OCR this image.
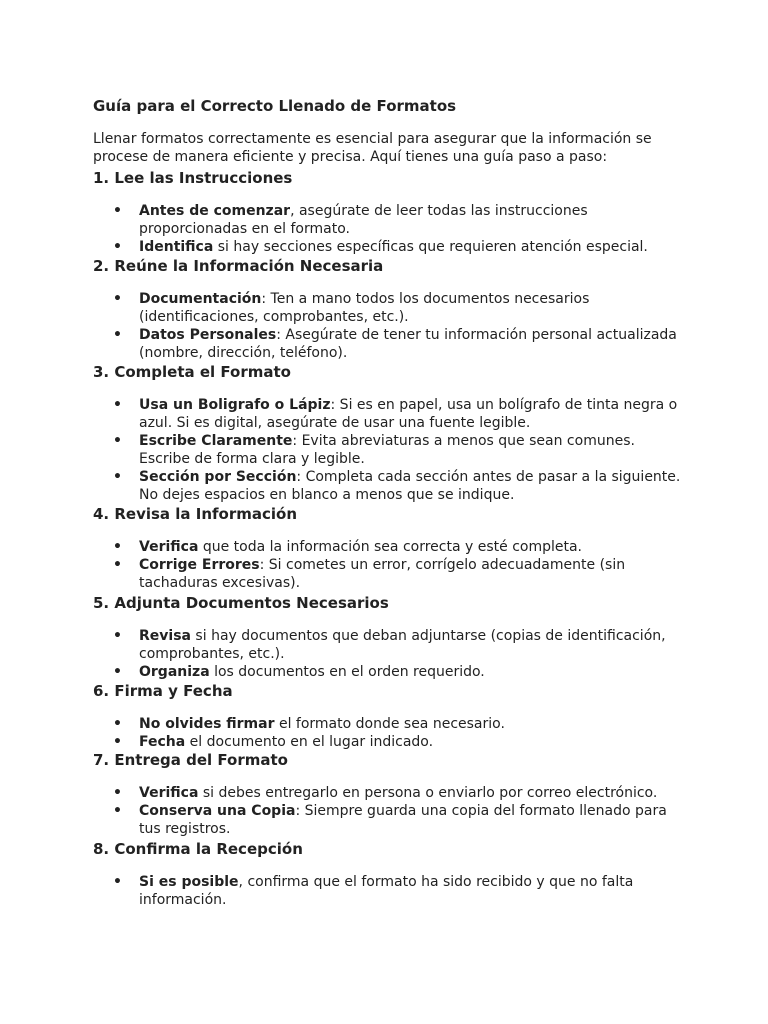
Guía para el Correcto Llenado de Formatos

Llenar formatos correctamente es esencial para asegurar que la información se procese de manera eficiente y precisa. Aquí tienes una guía paso a paso:

1. Lee las Instrucciones
• Antes de comenzar, asegúrate de leer todas las instrucciones proporcionadas en el formato.
• Identifica si hay secciones específicas que requieren atención especial.
2. Reúne la Información Necesaria
• Documentación: Ten a mano todos los documentos necesarios (identificaciones, comprobantes, etc.).
• Datos Personales: Asegúrate de tener tu información personal actualizada (nombre, dirección, teléfono).
3. Completa el Formato
• Usa un Boligrafo o Lápiz: Si es en papel, usa un bolígrafo de tinta negra o azul. Si es digital, asegúrate de usar una fuente legible.
• Escribe Claramente: Evita abreviaturas a menos que sean comunes. Escribe de forma clara y legible.
• Sección por Sección: Completa cada sección antes de pasar a la siguiente. No dejes espacios en blanco a menos que se indique.
4. Revisa la Información
• Verifica que toda la información sea correcta y esté completa.
• Corrige Errores: Si cometes un error, corrígelo adecuadamente (sin tachaduras excesivas).
5. Adjunta Documentos Necesarios
• Revisa si hay documentos que deban adjuntarse (copias de identificación, comprobantes, etc.).
• Organiza los documentos en el orden requerido.
6. Firma y Fecha
• No olvides firmar el formato donde sea necesario.
• Fecha el documento en el lugar indicado.
7. Entrega del Formato
• Verifica si debes entregarlo en persona o enviarlo por correo electrónico.
• Conserva una Copia: Siempre guarda una copia del formato llenado para tus registros.
8. Confirma la Recepción
• Si es posible, confirma que el formato ha sido recibido y que no falta información.
